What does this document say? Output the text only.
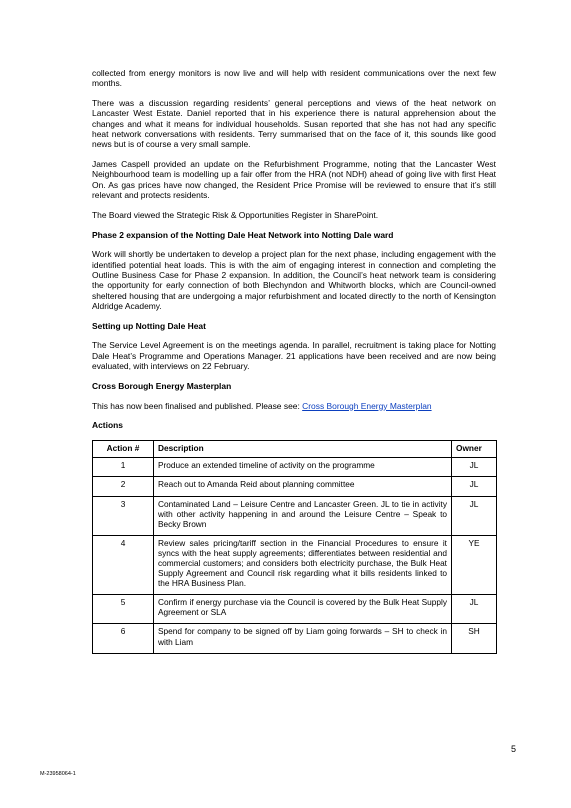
collected from energy monitors is now live and will help with resident communications over the next few months.

There was a discussion regarding residents’ general perceptions and views of the heat network on Lancaster West Estate. Daniel reported that in his experience there is natural apprehension about the changes and what it means for individual households. Susan reported that she has not had any specific heat network conversations with residents. Terry summarised that on the face of it, this sounds like good news but is of course a very small sample.

James Caspell provided an update on the Refurbishment Programme, noting that the Lancaster West Neighbourhood team is modelling up a fair offer from the HRA (not NDH) ahead of going live with first Heat On. As gas prices have now changed, the Resident Price Promise will be reviewed to ensure that it’s still relevant and protects residents.

The Board viewed the Strategic Risk & Opportunities Register in SharePoint.

Phase 2 expansion of the Notting Dale Heat Network into Notting Dale ward

Work will shortly be undertaken to develop a project plan for the next phase, including engagement with the identified potential heat loads. This is with the aim of engaging interest in connection and completing the Outline Business Case for Phase 2 expansion. In addition, the Council’s heat network team is considering the opportunity for early connection of both Blechyndon and Whitworth blocks, which are Council-owned sheltered housing that are undergoing a major refurbishment and located directly to the north of Kensington Aldridge Academy.

Setting up Notting Dale Heat

The Service Level Agreement is on the meetings agenda. In parallel, recruitment is taking place for Notting Dale Heat’s Programme and Operations Manager. 21 applications have been received and are now being evaluated, with interviews on 22 February.

Cross Borough Energy Masterplan

This has now been finalised and published. Please see: Cross Borough Energy Masterplan

Actions
Action #	Description	Owner
1	Produce an extended timeline of activity on the programme	JL
2	Reach out to Amanda Reid about planning committee	JL
3	Contaminated Land – Leisure Centre and Lancaster Green. JL to tie in activity with other activity happening in and around the Leisure Centre – Speak to Becky Brown	JL
4	Review sales pricing/tariff section in the Financial Procedures to ensure it syncs with the heat supply agreements; differentiates between residential and commercial customers; and considers both electricity purchase, the Bulk Heat Supply Agreement and Council risk regarding what it bills residents linked to the HRA Business Plan.	YE
5	Confirm if energy purchase via the Council is covered by the Bulk Heat Supply Agreement or SLA	JL
6	Spend for company to be signed off by Liam going forwards – SH to check in with Liam	SH
5
M-23958064-1
